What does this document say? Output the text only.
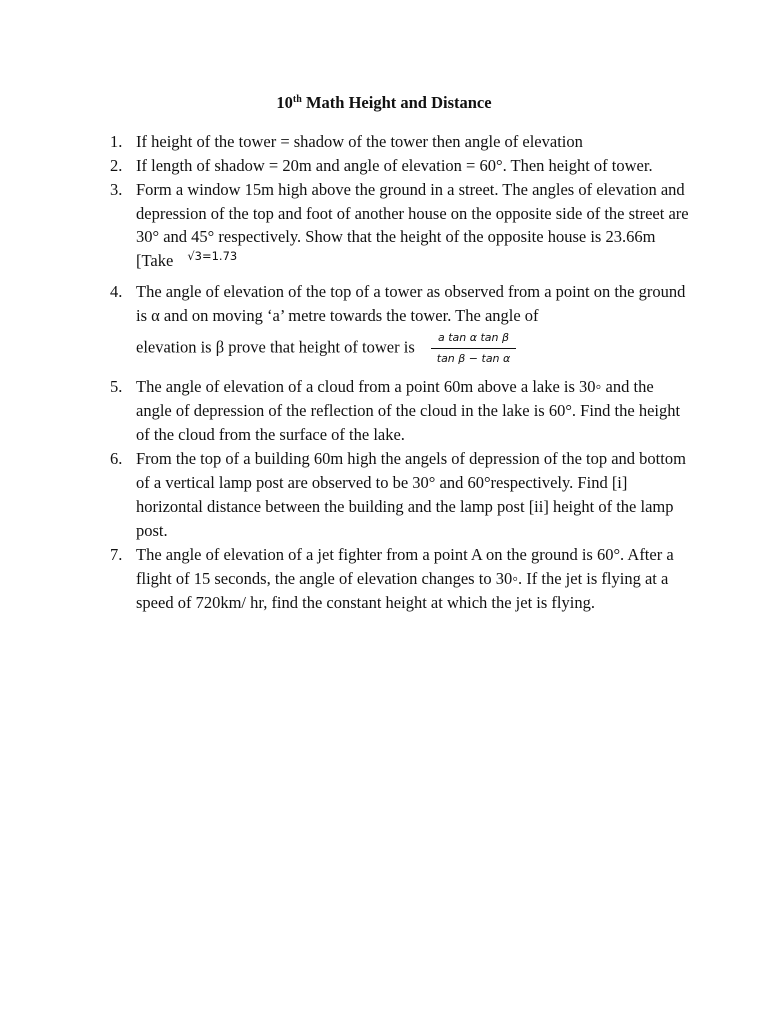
10th Math Height and Distance
1. If height of the tower = shadow of the tower then angle of elevation
2. If length of shadow = 20m and angle of elevation = 60°. Then height of tower.
3. Form a window 15m high above the ground in a street. The angles of elevation and depression of the top and foot of another house on the opposite side of the street are 30° and 45° respectively. Show that the height of the opposite house is 23.66m [Take $^{√3=1.73}$
4. The angle of elevation of the top of a tower as observed from a point on the ground is α and on moving ‘a’ metre towards the tower. The angle of
elevation is β prove that height of tower is $\frac{\text{a tan α tan β}}{\text{tan β − tan α}}$
5. The angle of elevation of a cloud from a point 60m above a lake is 30◦ and the angle of depression of the reflection of the cloud in the lake is 60°. Find the height of the cloud from the surface of the lake.
6. From the top of a building 60m high the angels of depression of the top and bottom of a vertical lamp post are observed to be 30° and 60°respectively. Find [i] horizontal distance between the building and the lamp post [ii] height of the lamp post.
7. The angle of elevation of a jet fighter from a point A on the ground is 60°. After a flight of 15 seconds, the angle of elevation changes to 30◦. If the jet is flying at a speed of 720km/ hr, find the constant height at which the jet is flying.
